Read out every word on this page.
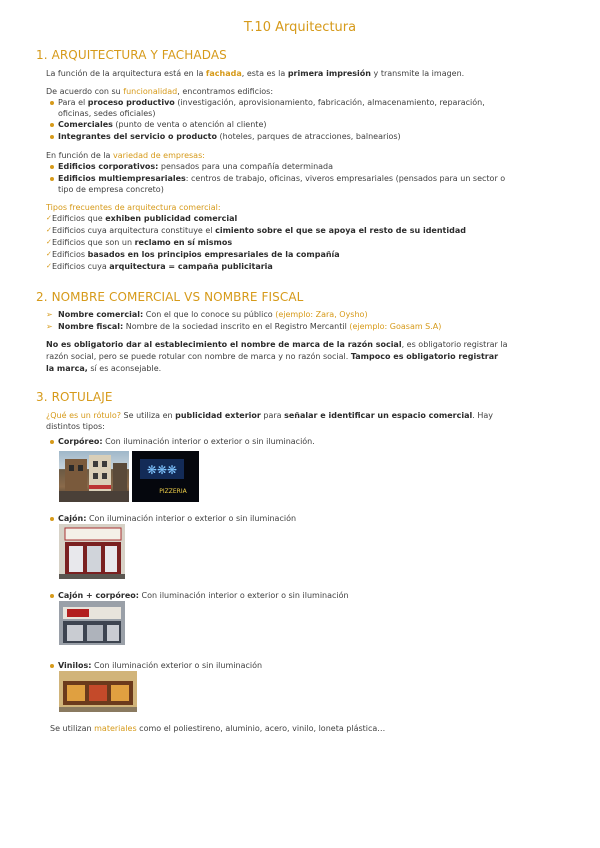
T.10 Arquitectura
1. ARQUITECTURA Y FACHADAS
La función de la arquitectura está en la fachada, esta es la primera impresión y transmite la imagen.
De acuerdo con su funcionalidad, encontramos edificios:
Para el proceso productivo (investigación, aprovisionamiento, fabricación, almacenamiento, reparación,
oficinas, sedes oficiales)
Comerciales (punto de venta o atención al cliente)
Integrantes del servicio o producto (hoteles, parques de atracciones, balnearios)
En función de la variedad de empresas:
Edificios corporativos: pensados para una compañía determinada
Edificios multiempresariales: centros de trabajo, oficinas, viveros empresariales (pensados para un sector o
tipo de empresa concreto)
Tipos frecuentes de arquitectura comercial:
✓ Edificios que exhiben publicidad comercial
✓ Edificios cuya arquitectura constituye el cimiento sobre el que se apoya el resto de su identidad
✓ Edificios que son un reclamo en sí mismos
✓ Edificios basados en los principios empresariales de la compañía
✓ Edificios cuya arquitectura = campaña publicitaria
2. NOMBRE COMERCIAL VS NOMBRE FISCAL
➢ Nombre comercial: Con el que lo conoce su público (ejemplo: Zara, Oysho)
➢ Nombre fiscal: Nombre de la sociedad inscrito en el Registro Mercantil (ejemplo: Goasam S.A)
No es obligatorio dar al establecimiento el nombre de marca de la razón social, es obligatorio registrar la
razón social, pero se puede rotular con nombre de marca y no razón social. Tampoco es obligatorio registrar
la marca, sí es aconsejable.
3. ROTULAJE
¿Qué es un rótulo? Se utiliza en publicidad exterior para señalar e identificar un espacio comercial. Hay
distintos tipos:
Corpóreo: Con iluminación interior o exterior o sin iluminación.
❋❋❋
PIZZERIA
Cajón: Con iluminación interior o exterior o sin iluminación
Cajón + corpóreo: Con iluminación interior o exterior o sin iluminación
Vinilos: Con iluminación exterior o sin iluminación
Se utilizan materiales como el poliestireno, aluminio, acero, vinilo, loneta plástica…
